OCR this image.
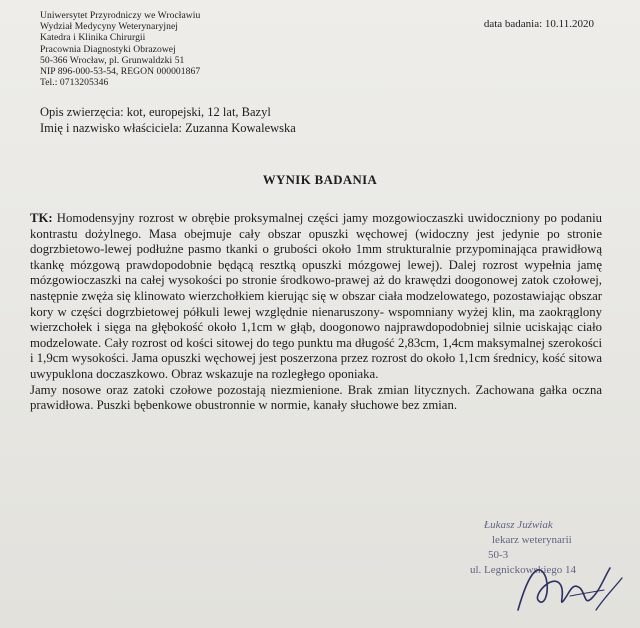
Uniwersytet Przyrodniczy we Wrocławiu
Wydział Medycyny Weterynaryjnej
Katedra i Klinika Chirurgii
Pracownia Diagnostyki Obrazowej
50-366 Wrocław, pl. Grunwaldzki 51
NIP 896-000-53-54, REGON 000001867
Tel.: 0713205346
data badania: 10.11.2020
Opis zwierzęcia: kot, europejski, 12 lat, Bazyl
Imię i nazwisko właściciela: Zuzanna Kowalewska
WYNIK BADANIA

TK: Homodensyjny rozrost w obrębie proksymalnej części jamy mozgowioczaszki uwidoczniony po podaniu kontrastu dożylnego. Masa obejmuje cały obszar opuszki węchowej (widoczny jest jedynie po stronie dogrzbietowo-lewej podłużne pasmo tkanki o grubości około 1mm strukturalnie przypominająca prawidłową tkankę mózgową prawdopodobnie będącą resztką opuszki mózgowej lewej). Dalej rozrost wypełnia jamę mózgowioczaszki na całej wysokości po stronie środkowo-prawej aż do krawędzi doogonowej zatok czołowej, następnie zwęża się klinowato wierzchołkiem kierując się w obszar ciała modzelowatego, pozostawiając obszar kory w części dogrzbietowej półkuli lewej względnie nienaruszony- wspomniany wyżej klin, ma zaokrąglony wierzchołek i sięga na głębokość około 1,1cm w głąb, doogonowo najprawdopodobniej silnie uciskając ciało modzelowate. Cały rozrost od kości sitowej do tego punktu ma długość 2,83cm, 1,4cm maksymalnej szerokości i 1,9cm wysokości. Jama opuszki węchowej jest poszerzona przez rozrost do około 1,1cm średnicy, kość sitowa uwypuklona doczaszkowo. Obraz wskazuje na rozległego oponiaka.

Jamy nosowe oraz zatoki czołowe pozostają niezmienione. Brak zmian litycznych. Zachowana gałka oczna prawidłowa. Puszki bębenkowe obustronnie w normie, kanały słuchowe bez zmian.

Łukasz Juźwiak
lekarz weterynarii
50-3
ul. Legnickowskiego 14
